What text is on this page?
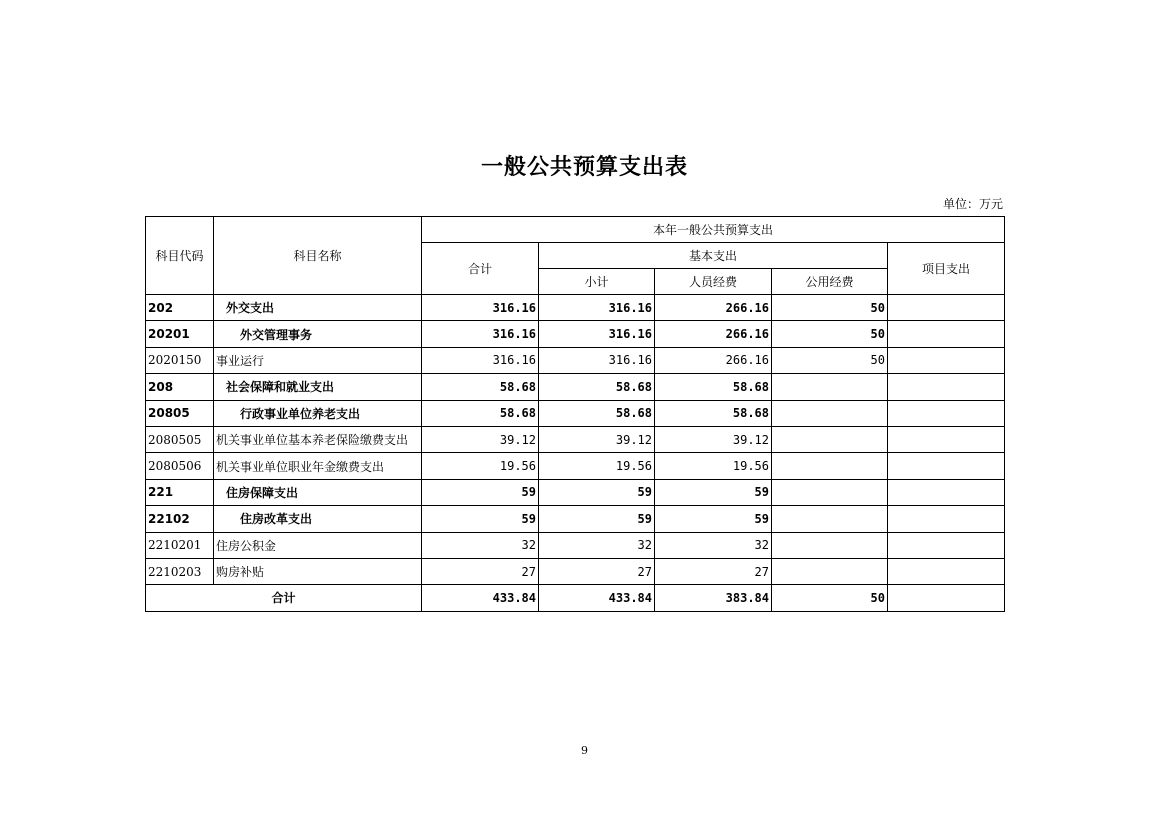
一般公共预算支出表
单位：万元
科目代码	科目名称	本年一般公共预算支出				
		合计	基本支出			项目支出
			小计	人员经费	公用经费	
202	外交支出	316.16	316.16	266.16	50	
20201	外交管理事务	316.16	316.16	266.16	50	
2020150	事业运行	316.16	316.16	266.16	50	
208	社会保障和就业支出	58.68	58.68	58.68		
20805	行政事业单位养老支出	58.68	58.68	58.68		
2080505	机关事业单位基本养老保险缴费支出	39.12	39.12	39.12		
2080506	机关事业单位职业年金缴费支出	19.56	19.56	19.56		
221	住房保障支出	59	59	59		
22102	住房改革支出	59	59	59		
2210201	住房公积金	32	32	32		
2210203	购房补贴	27	27	27		
合计		433.84	433.84	383.84	50	
9
